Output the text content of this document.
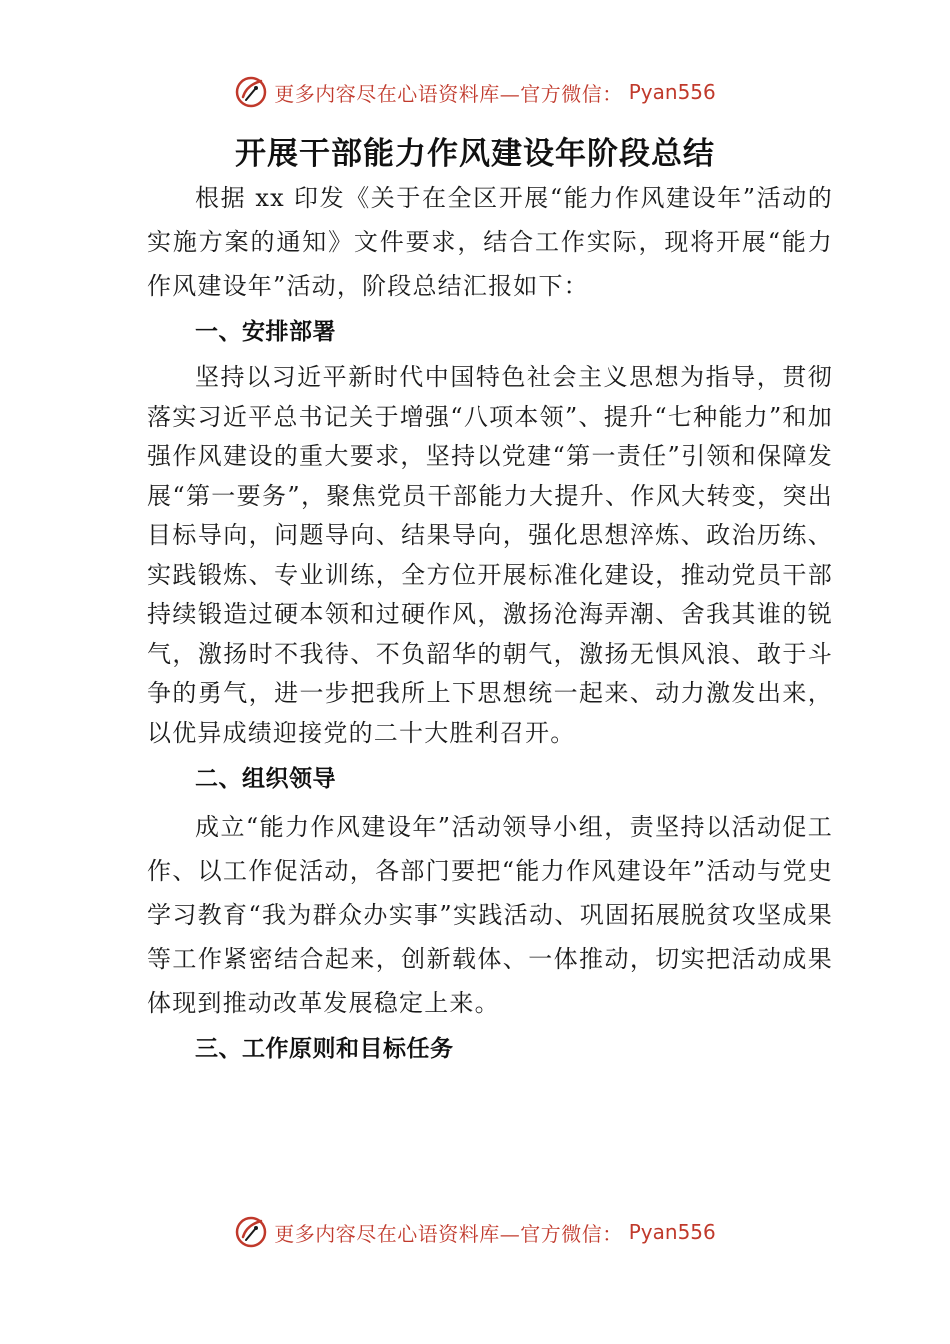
更多内容尽在心语资料库—官方微信： Pyan556
开展干部能力作风建设年阶段总结

根据 xx 印发《关于在全区开展“能力作风建设年”活动的实施方案的通知》文件要求，结合工作实际，现将开展“能力作风建设年”活动，阶段总结汇报如下：

一、安排部署

坚持以习近平新时代中国特色社会主义思想为指导，贯彻落实习近平总书记关于增强“八项本领”、提升“七种能力”和加强作风建设的重大要求，坚持以党建“第一责任”引领和保障发展“第一要务”，聚焦党员干部能力大提升、作风大转变，突出目标导向，问题导向、结果导向，强化思想淬炼、政治历练、实践锻炼、专业训练，全方位开展标准化建设，推动党员干部持续锻造过硬本领和过硬作风，激扬沧海弄潮、舍我其谁的锐气，激扬时不我待、不负韶华的朝气，激扬无惧风浪、敢于斗争的勇气，进一步把我所上下思想统一起来、动力激发出来，以优异成绩迎接党的二十大胜利召开。

二、组织领导

成立“能力作风建设年”活动领导小组，责坚持以活动促工作、以工作促活动，各部门要把“能力作风建设年”活动与党史学习教育“我为群众办实事”实践活动、巩固拓展脱贫攻坚成果等工作紧密结合起来，创新载体、一体推动，切实把活动成果体现到推动改革发展稳定上来。

三、工作原则和目标任务
更多内容尽在心语资料库—官方微信： Pyan556
